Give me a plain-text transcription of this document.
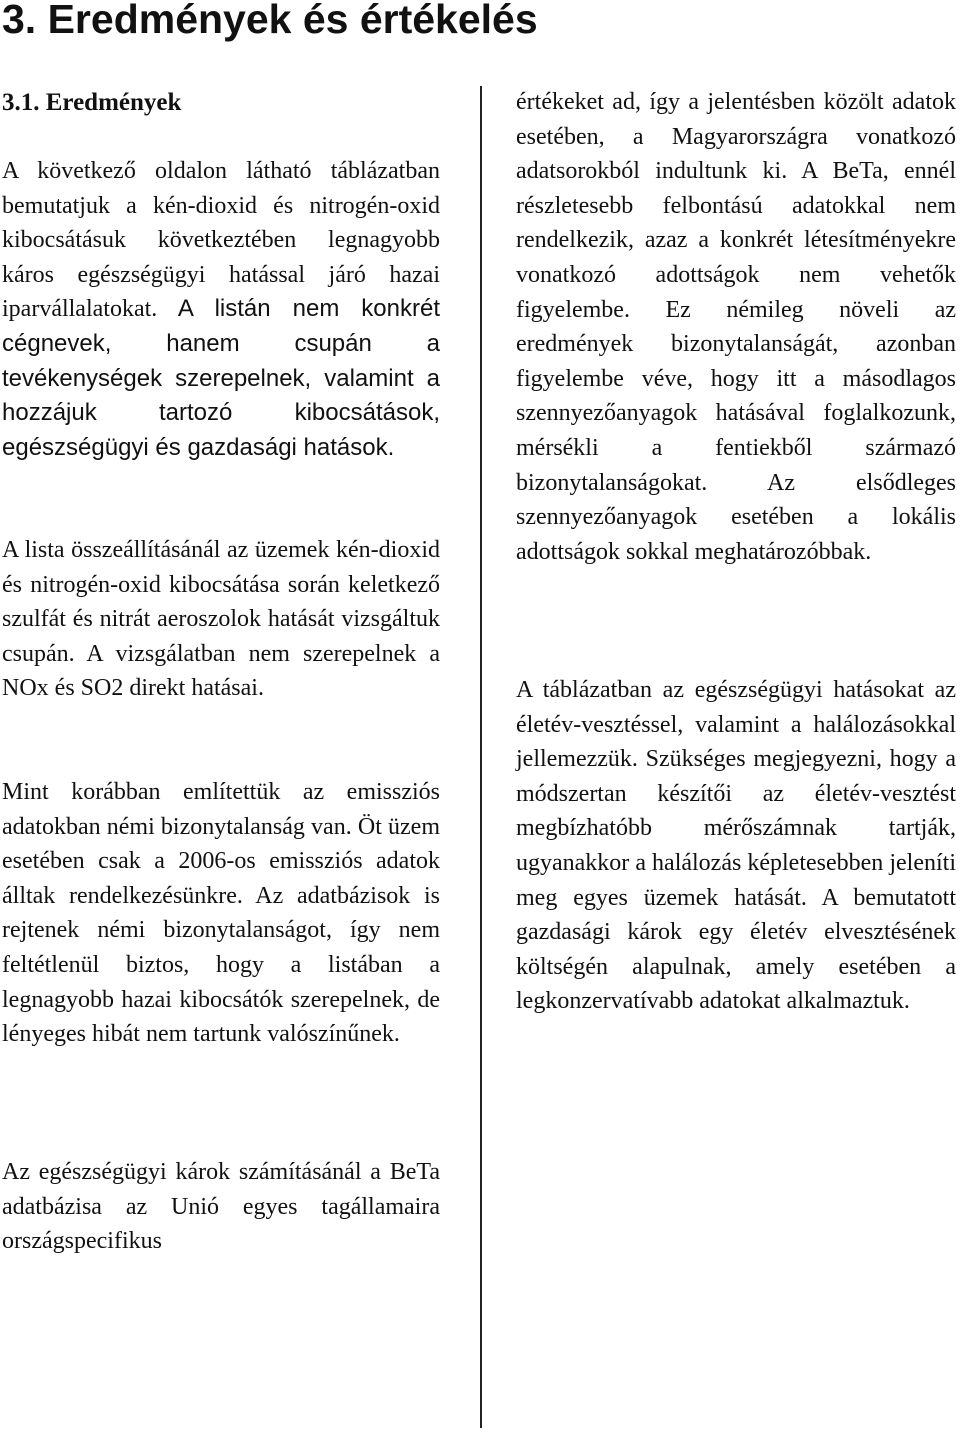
3. Eredmények és értékelés
3.1. Eredmények

A következő oldalon látható táblázatban bemutatjuk a kén-dioxid és nitrogén-oxid kibocsátásuk következtében legnagyobb káros egészségügyi hatással járó hazai iparvállalatokat. A listán nem konkrét cégnevek, hanem csupán a tevékenységek szerepelnek, valamint a hozzájuk tartozó kibocsátások, egészségügyi és gazdasági hatások.

A lista összeállításánál az üzemek kén-dioxid és nitrogén-oxid kibocsátása során keletkező szulfát és nitrát aeroszolok hatását vizsgáltuk csupán. A vizsgálatban nem szerepelnek a NOx és SO2 direkt hatásai.

Mint korábban említettük az emissziós adatokban némi bizonytalanság van. Öt üzem esetében csak a 2006-os emissziós adatok álltak rendelkezésünkre. Az adatbázisok is rejtenek némi bizonytalanságot, így nem feltétlenül biztos, hogy a listában a legnagyobb hazai kibocsátók szerepelnek, de lényeges hibát nem tartunk valószínűnek.

Az egészségügyi károk számításánál a BeTa adatbázisa az Unió egyes tagállamaira országspecifikus

értékeket ad, így a jelentésben közölt adatok esetében, a Magyarországra vonatkozó adatsorokból indultunk ki. A BeTa, ennél részletesebb felbontású adatokkal nem rendelkezik, azaz a konkrét létesítményekre vonatkozó adottságok nem vehetők figyelembe. Ez némileg növeli az eredmények bizonytalanságát, azonban figyelembe véve, hogy itt a másodlagos szennyezőanyagok hatásával foglalkozunk, mérsékli a fentiekből származó bizonytalanságokat. Az elsődleges szennyezőanyagok esetében a lokális adottságok sokkal meghatározóbbak.

A táblázatban az egészségügyi hatásokat az életév-vesztéssel, valamint a halálozásokkal jellemezzük. Szükséges megjegyezni, hogy a módszertan készítői az életév-vesztést megbízhatóbb mérőszámnak tartják, ugyanakkor a halálozás képletesebben jeleníti meg egyes üzemek hatását. A bemutatott gazdasági károk egy életév elvesztésének költségén alapulnak, amely esetében a legkonzervatívabb adatokat alkalmaztuk.
